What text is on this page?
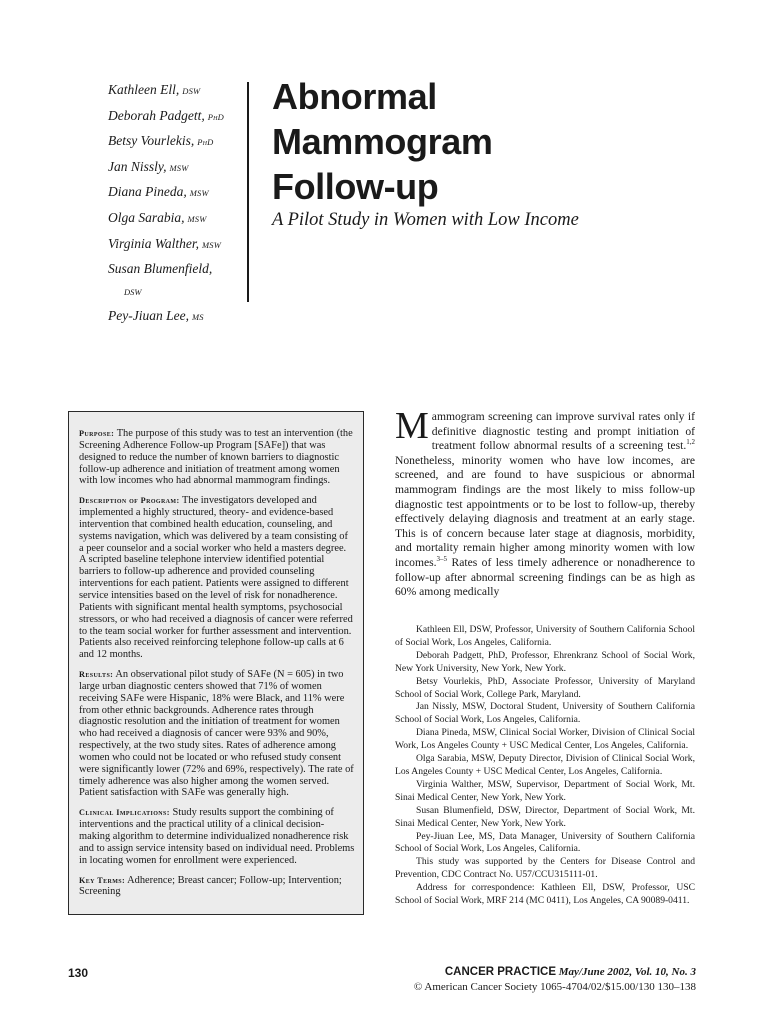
Kathleen Ell, DSW
Deborah Padgett, PhD
Betsy Vourlekis, PhD
Jan Nissly, MSW
Diana Pineda, MSW
Olga Sarabia, MSW
Virginia Walther, MSW
Susan Blumenfield,
DSW
Pey-Jiuan Lee, MS
Abnormal
Mammogram
Follow-up
A Pilot Study in Women with Low Income

Purpose: The purpose of this study was to test an intervention (the Screening Adherence Follow-up Program [SAFe]) that was designed to reduce the number of known barriers to diagnostic follow-up adherence and initiation of treatment among women with low incomes who had abnormal mammogram findings.

Description of Program: The investigators developed and implemented a highly structured, theory- and evidence-based intervention that combined health education, counseling, and systems navigation, which was delivered by a team consisting of a peer counselor and a social worker who held a masters degree. A scripted baseline telephone interview identified potential barriers to follow-up adherence and provided counseling interventions for each patient. Patients were assigned to different service intensities based on the level of risk for nonadherence. Patients with significant mental health symptoms, psychosocial stressors, or who had received a diagnosis of cancer were referred to the team social worker for further assessment and intervention. Patients also received reinforcing telephone follow-up calls at 6 and 12 months.

Results: An observational pilot study of SAFe (N = 605) in two large urban diagnostic centers showed that 71% of women receiving SAFe were Hispanic, 18% were Black, and 11% were from other ethnic backgrounds. Adherence rates through diagnostic resolution and the initiation of treatment for women who had received a diagnosis of cancer were 93% and 90%, respectively, at the two study sites. Rates of adherence among women who could not be located or who refused study consent were significantly lower (72% and 69%, respectively). The rate of timely adherence was also higher among the women served. Patient satisfaction with SAFe was generally high.

Clinical Implications: Study results support the combining of interventions and the practical utility of a clinical decision-making algorithm to determine individualized nonadherence risk and to assign service intensity based on individual need. Problems in locating women for enrollment were experienced.

Key Terms: Adherence; Breast cancer; Follow-up; Intervention; Screening

Mammogram screening can improve survival rates only if definitive diagnostic testing and prompt initiation of treatment follow abnormal results of a screening test.$^{1,2}$ Nonetheless, minority women who have low incomes, are screened, and are found to have suspicious or abnormal mammogram findings are the most likely to miss follow-up diagnostic test appointments or to be lost to follow-up, thereby effectively delaying diagnosis and treatment at an early stage. This is of concern because later stage at diagnosis, morbidity, and mortality remain higher among minority women with low incomes.$^{3-5}$ Rates of less timely adherence or nonadherence to follow-up after abnormal screening findings can be as high as 60% among medically

Kathleen Ell, DSW, Professor, University of Southern California School of Social Work, Los Angeles, California.

Deborah Padgett, PhD, Professor, Ehrenkranz School of Social Work, New York University, New York, New York.

Betsy Vourlekis, PhD, Associate Professor, University of Maryland School of Social Work, College Park, Maryland.

Jan Nissly, MSW, Doctoral Student, University of Southern California School of Social Work, Los Angeles, California.

Diana Pineda, MSW, Clinical Social Worker, Division of Clinical Social Work, Los Angeles County + USC Medical Center, Los Angeles, California.

Olga Sarabia, MSW, Deputy Director, Division of Clinical Social Work, Los Angeles County + USC Medical Center, Los Angeles, California.

Virginia Walther, MSW, Supervisor, Department of Social Work, Mt. Sinai Medical Center, New York, New York.

Susan Blumenfield, DSW, Director, Department of Social Work, Mt. Sinai Medical Center, New York, New York.

Pey-Jiuan Lee, MS, Data Manager, University of Southern California School of Social Work, Los Angeles, California.

This study was supported by the Centers for Disease Control and Prevention, CDC Contract No. U57/CCU315111-01.

Address for correspondence: Kathleen Ell, DSW, Professor, USC School of Social Work, MRF 214 (MC 0411), Los Angeles, CA 90089-0411.

130	CANCER PRACTICE May/June 2002, Vol. 10, No. 3
© American Cancer Society 1065-4704/02/$15.00/130 130–138
